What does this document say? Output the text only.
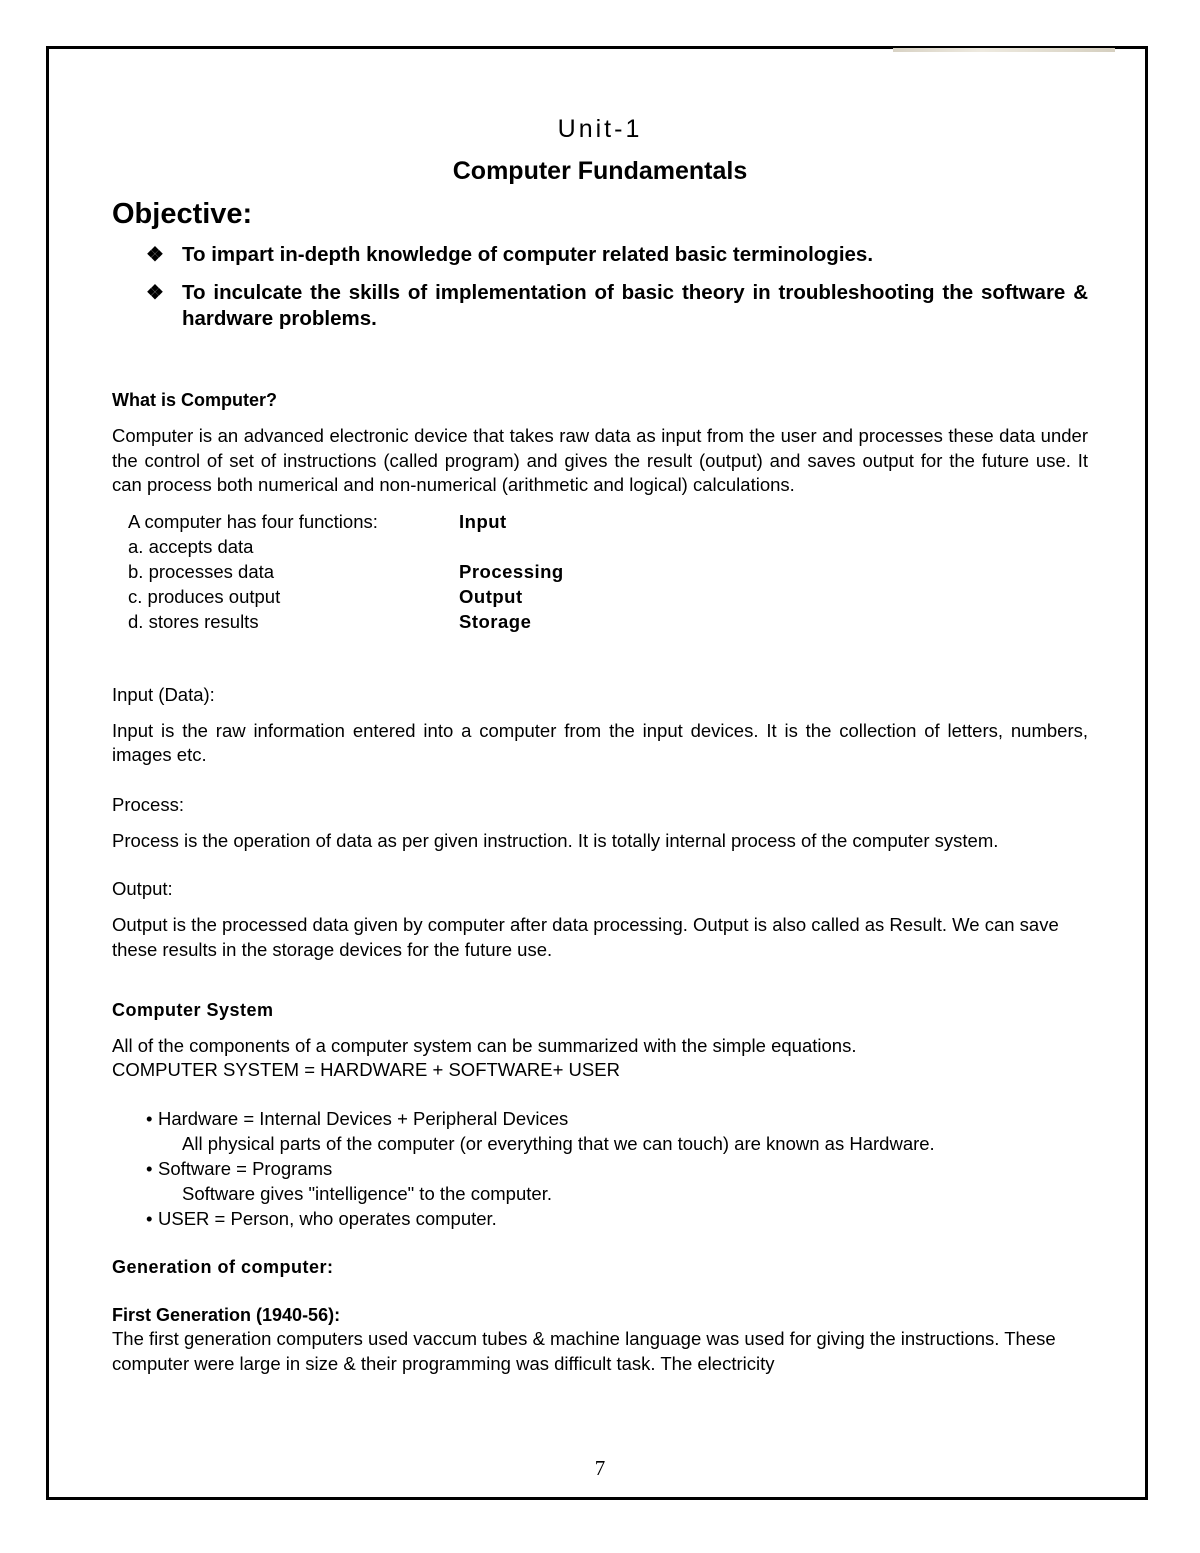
Unit-1
Computer Fundamentals
Objective:
❖ To impart in-depth knowledge of computer related basic terminologies.
❖ To inculcate the skills of implementation of basic theory in troubleshooting the software & hardware problems.
What is Computer?

Computer is an advanced electronic device that takes raw data as input from the user and processes these data under the control of set of instructions (called program) and gives the result (output) and saves output for the future use. It can process both numerical and non-numerical (arithmetic and logical) calculations.

A computer has four functions:	Input
a. accepts data	
b. processes data	Processing
c. produces output	Output
d. stores results	Storage
Input (Data):

Input is the raw information entered into a computer from the input devices. It is the collection of letters, numbers, images etc.

Process:

Process is the operation of data as per given instruction. It is totally internal process of the computer system.

Output:

Output is the processed data given by computer after data processing. Output is also called as Result. We can save these results in the storage devices for the future use.

Computer System
All of the components of a computer system can be summarized with the simple equations.
COMPUTER SYSTEM = HARDWARE + SOFTWARE+ USER
• Hardware = Internal Devices + Peripheral Devices
All physical parts of the computer (or everything that we can touch) are known as Hardware.
• Software = Programs
Software gives "intelligence" to the computer.
• USER = Person, who operates computer.
Generation of computer:
First Generation (1940-56):

The first generation computers used vaccum tubes & machine language was used for giving the instructions. These computer were large in size & their programming was difficult task. The electricity

7
